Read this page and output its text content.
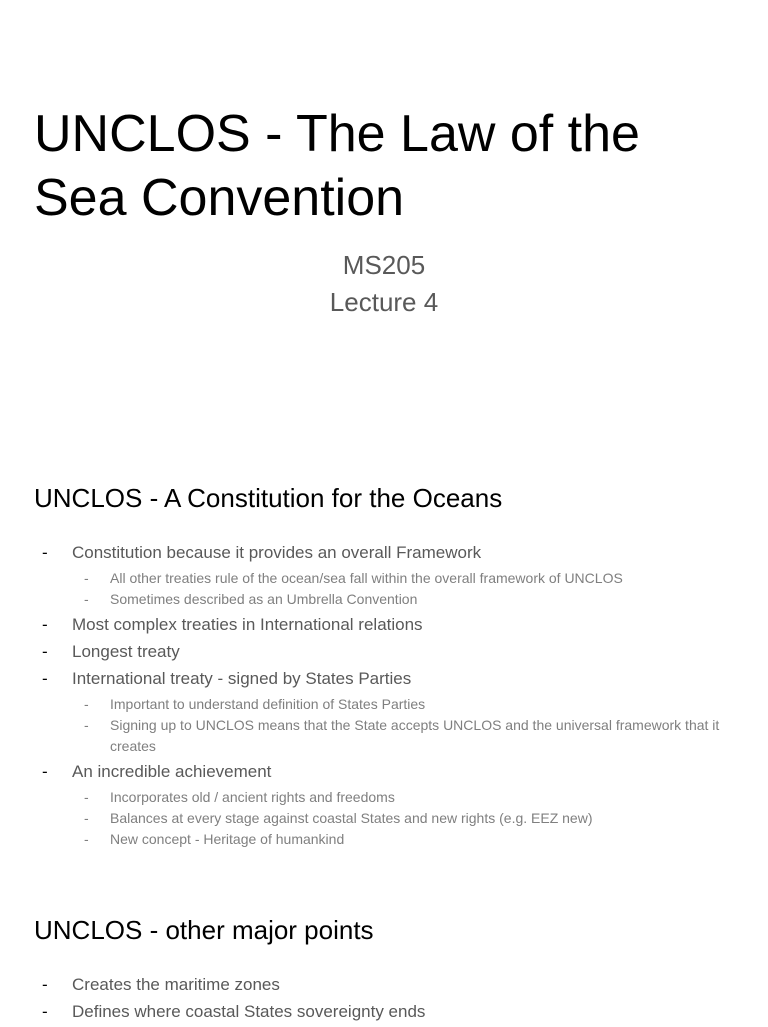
UNCLOS - The Law of the Sea Convention
MS205
Lecture 4
UNCLOS - A Constitution for the Oceans
- Constitution because it provides an overall Framework
- All other treaties rule of the ocean/sea fall within the overall framework of UNCLOS
- Sometimes described as an Umbrella Convention
- Most complex treaties in International relations
- Longest treaty
- International treaty - signed by States Parties
- Important to understand definition of States Parties
- Signing up to UNCLOS means that the State accepts UNCLOS and the universal framework that it creates
- An incredible achievement
- Incorporates old / ancient rights and freedoms
- Balances at every stage against coastal States and new rights (e.g. EEZ new)
- New concept - Heritage of humankind
UNCLOS - other major points
- Creates the maritime zones
- Defines where coastal States sovereignty ends
